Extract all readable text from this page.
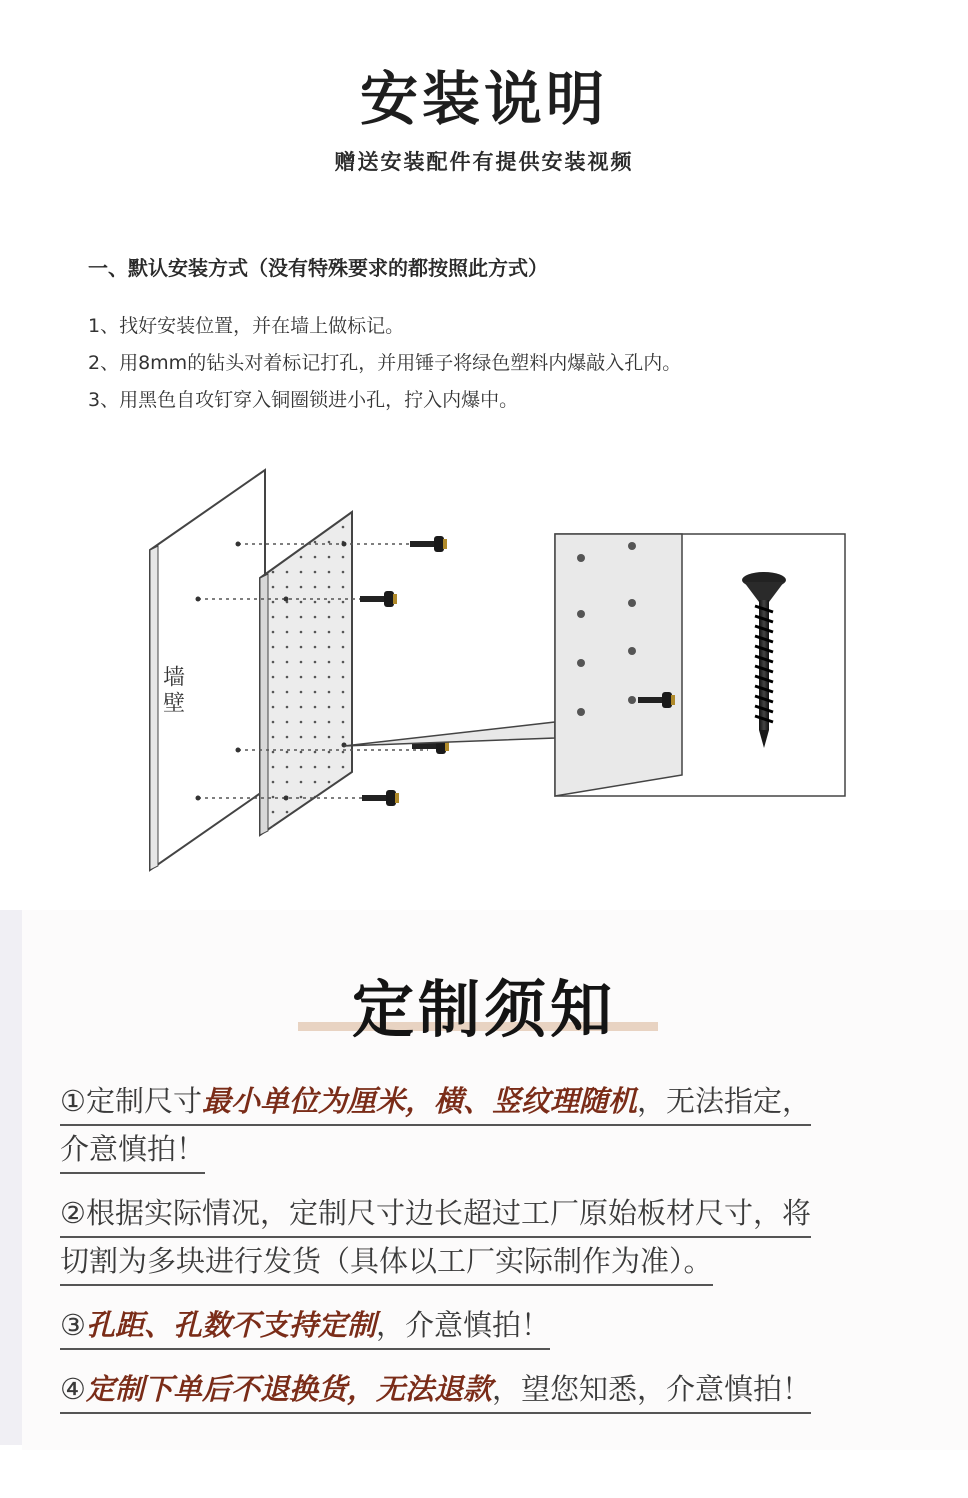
安装说明
赠送安装配件有提供安装视频
一、默认安装方式（没有特殊要求的都按照此方式）
1、找好安装位置，并在墙上做标记。
2、用8mm的钻头对着标记打孔，并用锤子将绿色塑料内爆敲入孔内。
3、用黑色自攻钉穿入铜圈锁进小孔，拧入内爆中。
墙壁
定制须知
①定制尺寸最小单位为厘米，横、竖纹理随机，无法指定，
介意慎拍！
②根据实际情况，定制尺寸边长超过工厂原始板材尺寸，将
切割为多块进行发货（具体以工厂实际制作为准）。
③孔距、孔数不支持定制，介意慎拍！
④定制下单后不退换货，无法退款，望您知悉，介意慎拍！
